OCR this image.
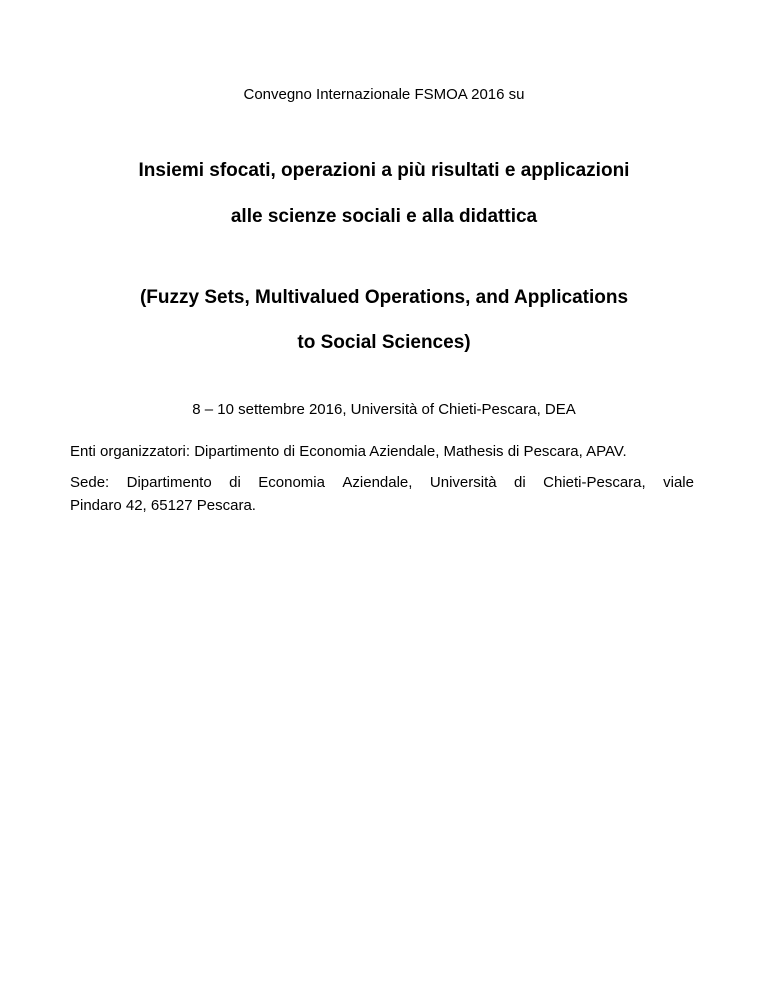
Convegno Internazionale FSMOA 2016 su
Insiemi sfocati, operazioni a più risultati e applicazioni
alle scienze sociali e alla didattica
(Fuzzy Sets, Multivalued Operations, and Applications
to Social Sciences)
8 – 10 settembre 2016, Università of Chieti-Pescara, DEA
Enti organizzatori: Dipartimento di Economia Aziendale, Mathesis di Pescara, APAV.
Sede: Dipartimento di Economia Aziendale, Università di Chieti-Pescara, viale
Pindaro 42, 65127 Pescara.
